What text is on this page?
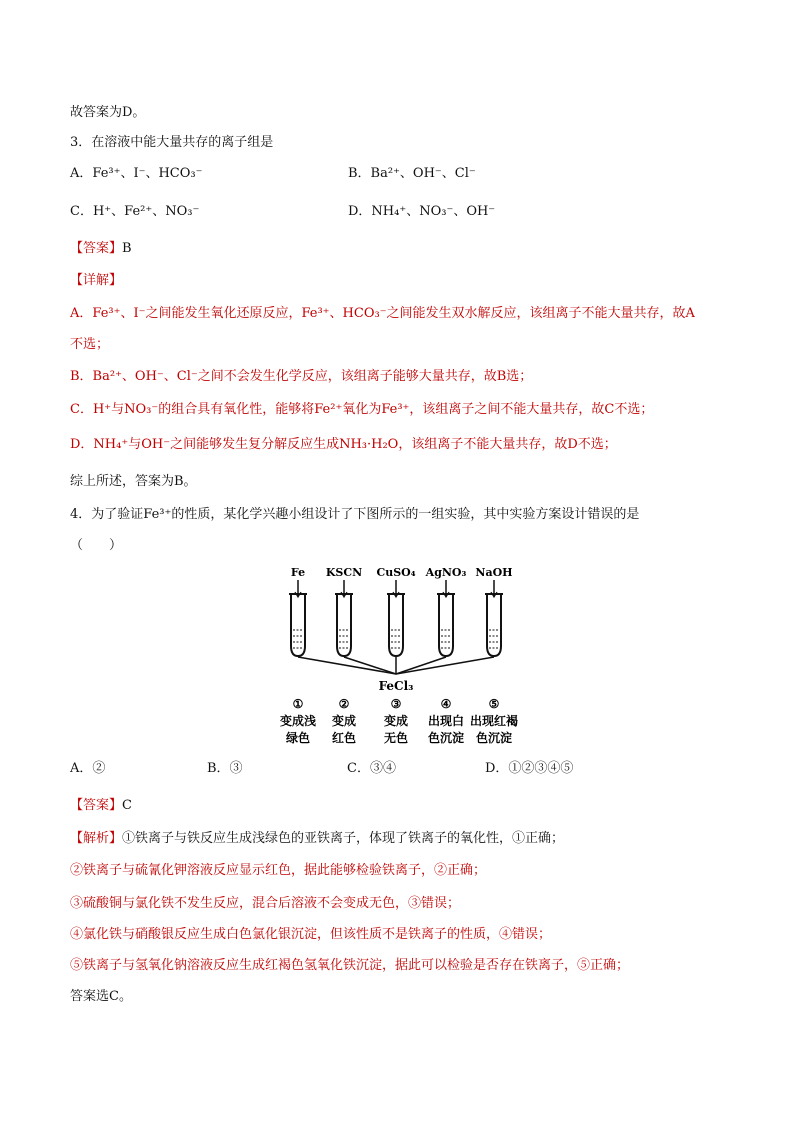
故答案为D。
3．在溶液中能大量共存的离子组是
A．Fe³⁺、I⁻、HCO₃⁻	B．Ba²⁺、OH⁻、Cl⁻
C．H⁺、Fe²⁺、NO₃⁻	D．NH₄⁺、NO₃⁻、OH⁻
【答案】B
【详解】
A．Fe³⁺、I⁻之间能发生氧化还原反应，Fe³⁺、HCO₃⁻之间能发生双水解反应，该组离子不能大量共存，故A
不选；
B．Ba²⁺、OH⁻、Cl⁻之间不会发生化学反应，该组离子能够大量共存，故B选；
C．H⁺与NO₃⁻的组合具有氧化性，能够将Fe²⁺氧化为Fe³⁺，该组离子之间不能大量共存，故C不选；
D．NH₄⁺与OH⁻之间能够发生复分解反应生成NH₃·H₂O，该组离子不能大量共存，故D不选；
综上所述，答案为B。
4．为了验证Fe³⁺的性质，某化学兴趣小组设计了下图所示的一组实验，其中实验方案设计错误的是
（　　）
Fe KSCN CuSO₄ AgNO₃ NaOH
FeCl₃
①
变成浅
绿色
②
变成
红色
③
变成
无色
④
出现白
色沉淀
⑤
出现红褐
色沉淀
A．②	B．③	C．③④	D．①②③④⑤
【答案】C
【解析】①铁离子与铁反应生成浅绿色的亚铁离子，体现了铁离子的氧化性，①正确；
②铁离子与硫氰化钾溶液反应显示红色，据此能够检验铁离子，②正确；
③硫酸铜与氯化铁不发生反应，混合后溶液不会变成无色，③错误；
④氯化铁与硝酸银反应生成白色氯化银沉淀，但该性质不是铁离子的性质，④错误；
⑤铁离子与氢氧化钠溶液反应生成红褐色氢氧化铁沉淀，据此可以检验是否存在铁离子，⑤正确；
答案选C。
